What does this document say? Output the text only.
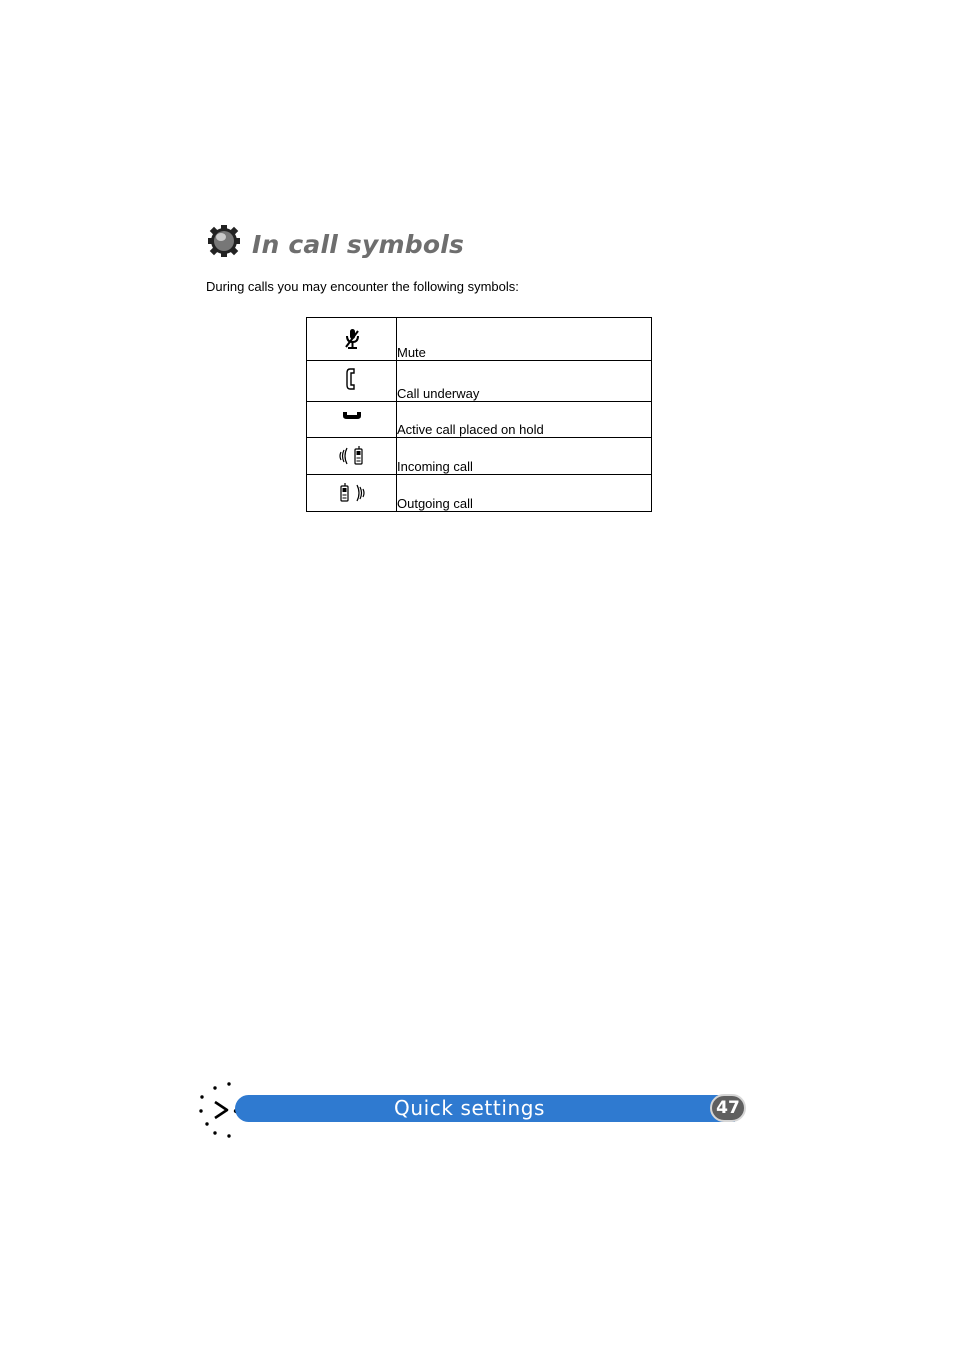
In call symbols

During calls you may encounter the following symbols:

	Mute

	Call underway

	Active call placed on hold

	Incoming call

	Outgoing call

Quick settings	47
